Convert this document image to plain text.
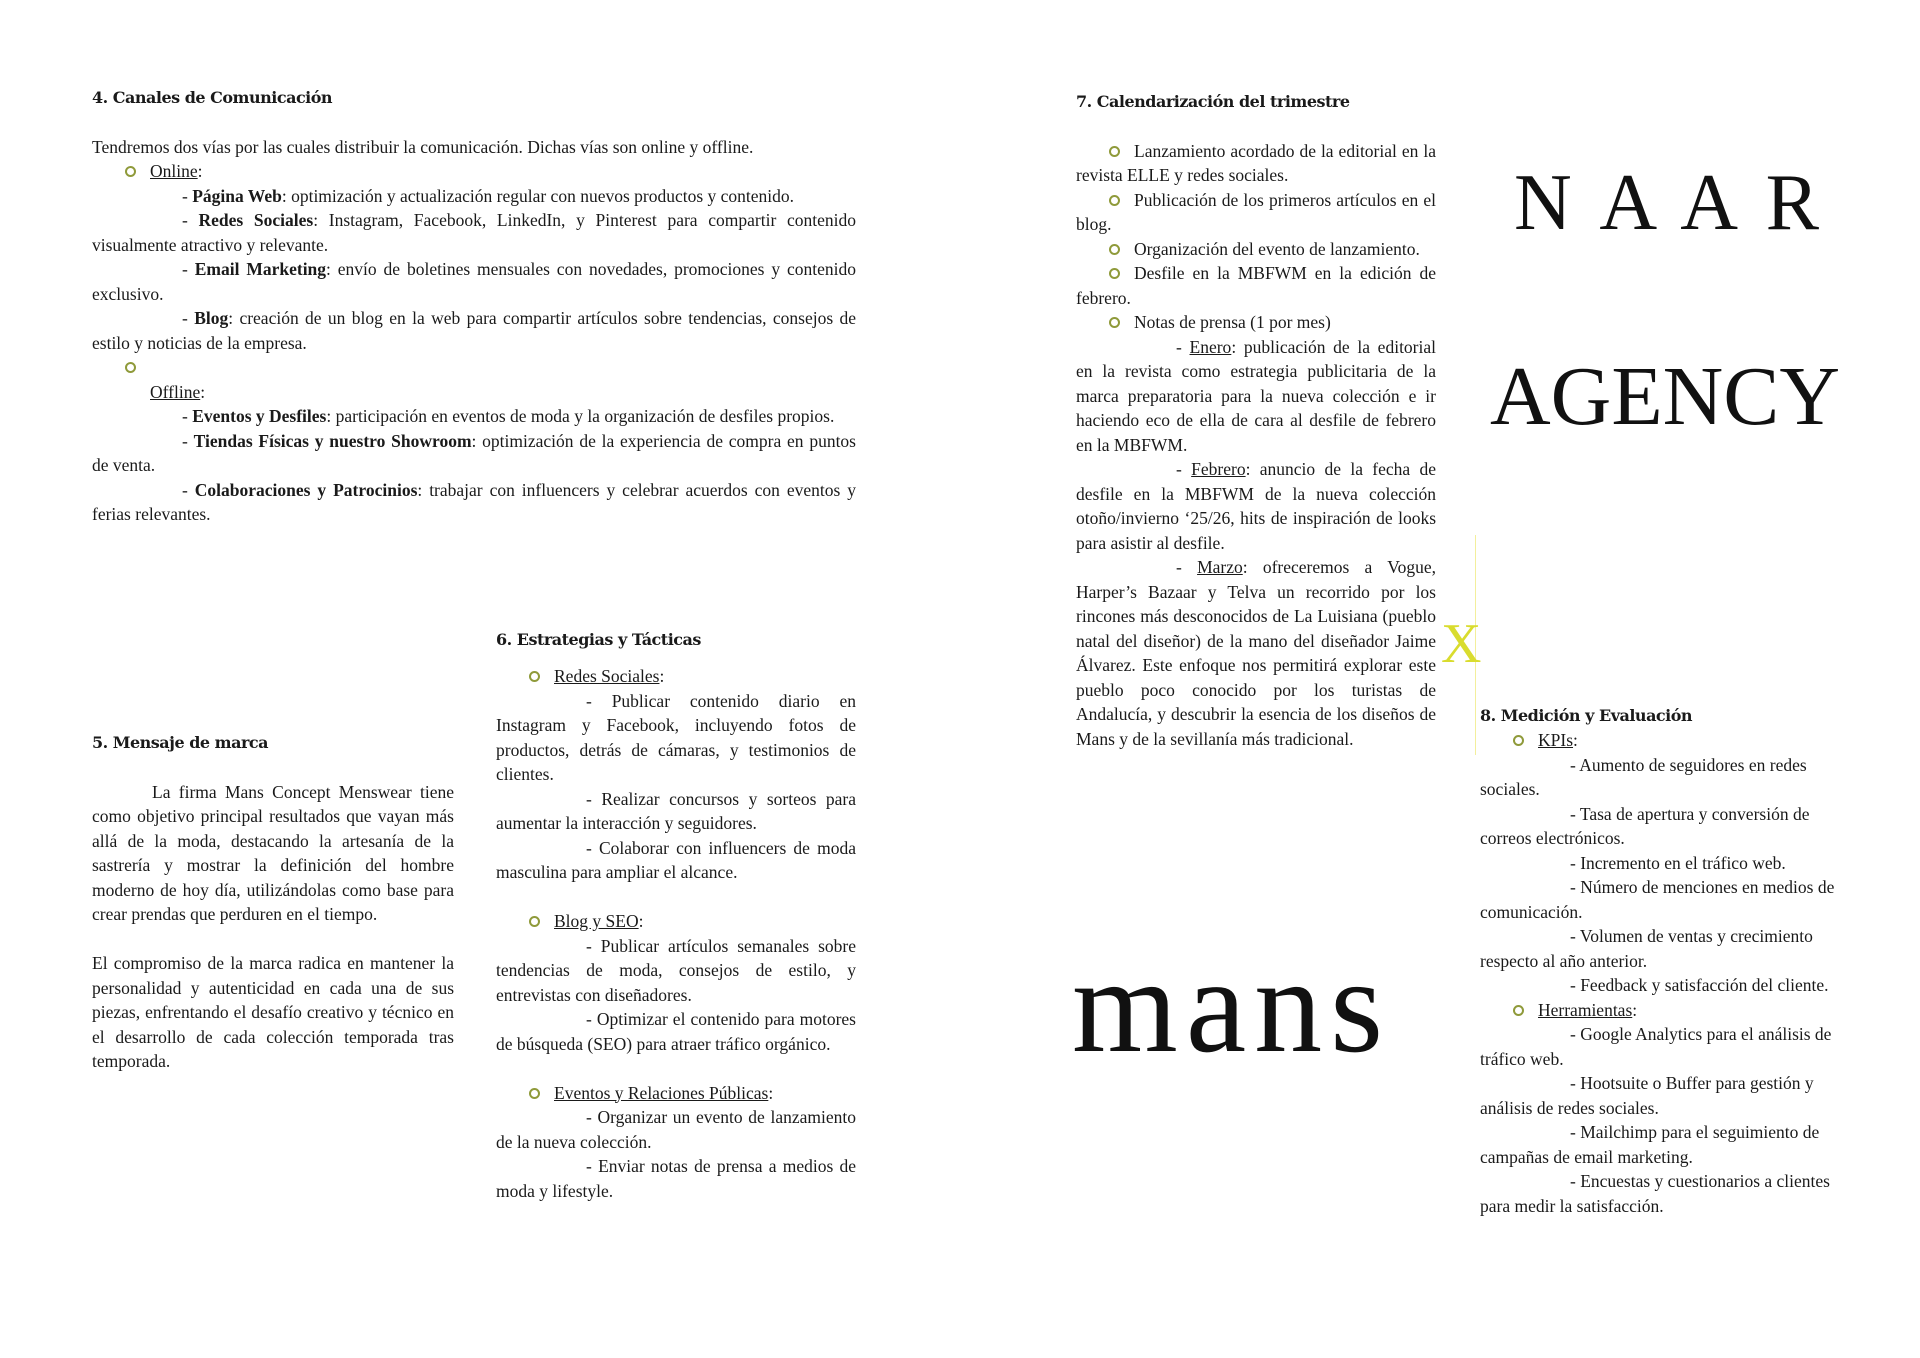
4. Canales de Comunicación

Tendremos dos vías por las cuales distribuir la comunicación. Dichas vías son online y offline.

Online:

- Página Web: optimización y actualización regular con nuevos productos y contenido.

- Redes Sociales: Instagram, Facebook, LinkedIn, y Pinterest para compartir contenido visualmente atractivo y relevante.

- Email Marketing: envío de boletines mensuales con novedades, promociones y contenido exclusivo.

- Blog: creación de un blog en la web para compartir artículos sobre tendencias, consejos de estilo y noticias de la empresa.

Offline:

- Eventos y Desfiles: participación en eventos de moda y la organización de desfiles propios.

- Tiendas Físicas y nuestro Showroom: optimización de la experiencia de compra en puntos de venta.

- Colaboraciones y Patrocinios: trabajar con influencers y celebrar acuerdos con eventos y ferias relevantes.

5. Mensaje de marca

La firma Mans Concept Menswear tiene como objetivo principal resultados que vayan más allá de la moda, destacando la artesanía de la sastrería y mostrar la definición del hombre moderno de hoy día, utilizándolas como base para crear prendas que perduren en el tiempo.

El compromiso de la marca radica en mantener la personalidad y autenticidad en cada una de sus piezas, enfrentando el desafío creativo y técnico en el desarrollo de cada colección temporada tras temporada.

6. Estrategias y Tácticas

Redes Sociales:

- Publicar contenido diario en Instagram y Facebook, incluyendo fotos de productos, detrás de cámaras, y testimonios de clientes.

- Realizar concursos y sorteos para aumentar la interacción y seguidores.

- Colaborar con influencers de moda masculina para ampliar el alcance.

Blog y SEO:

- Publicar artículos semanales sobre tendencias de moda, consejos de estilo, y entrevistas con diseñadores.

- Optimizar el contenido para motores de búsqueda (SEO) para atraer tráfico orgánico.

Eventos y Relaciones Públicas:

- Organizar un evento de lanzamiento de la nueva colección.

- Enviar notas de prensa a medios de moda y lifestyle.

7. Calendarización del trimestre

Lanzamiento acordado de la editorial en la revista ELLE y redes sociales.

Publicación de los primeros artículos en el blog.

Organización del evento de lanzamiento.

Desfile en la MBFWM en la edición de febrero.

Notas de prensa (1 por mes)

- Enero: publicación de la editorial en la revista como estrategia publicitaria de la marca preparatoria para la nueva colección e ir haciendo eco de ella de cara al desfile de febrero en la MBFWM.

- Febrero: anuncio de la fecha de desfile en la MBFWM de la nueva colección otoño/invierno ‘25/26, hits de inspiración de looks para asistir al desfile.

- Marzo: ofreceremos a Vogue, Harper’s Bazaar y Telva un recorrido por los rincones más desconocidos de La Luisiana (pueblo natal del diseñor) de la mano del diseñador Jaime Álvarez. Este enfoque nos permitirá explorar este pueblo poco conocido por los turistas de Andalucía, y descubrir la esencia de los diseños de Mans y de la sevillanía más tradicional.

N A A R
AGENCY
X
mans

8. Medición y Evaluación

KPIs:

- Aumento de seguidores en redes sociales.

- Tasa de apertura y conversión de correos electrónicos.

- Incremento en el tráfico web.

- Número de menciones en medios de comunicación.

- Volumen de ventas y crecimiento respecto al año anterior.

- Feedback y satisfacción del cliente.

Herramientas:

- Google Analytics para el análisis de tráfico web.

- Hootsuite o Buffer para gestión y análisis de redes sociales.

- Mailchimp para el seguimiento de campañas de email marketing.

- Encuestas y cuestionarios a clientes para medir la satisfacción.
